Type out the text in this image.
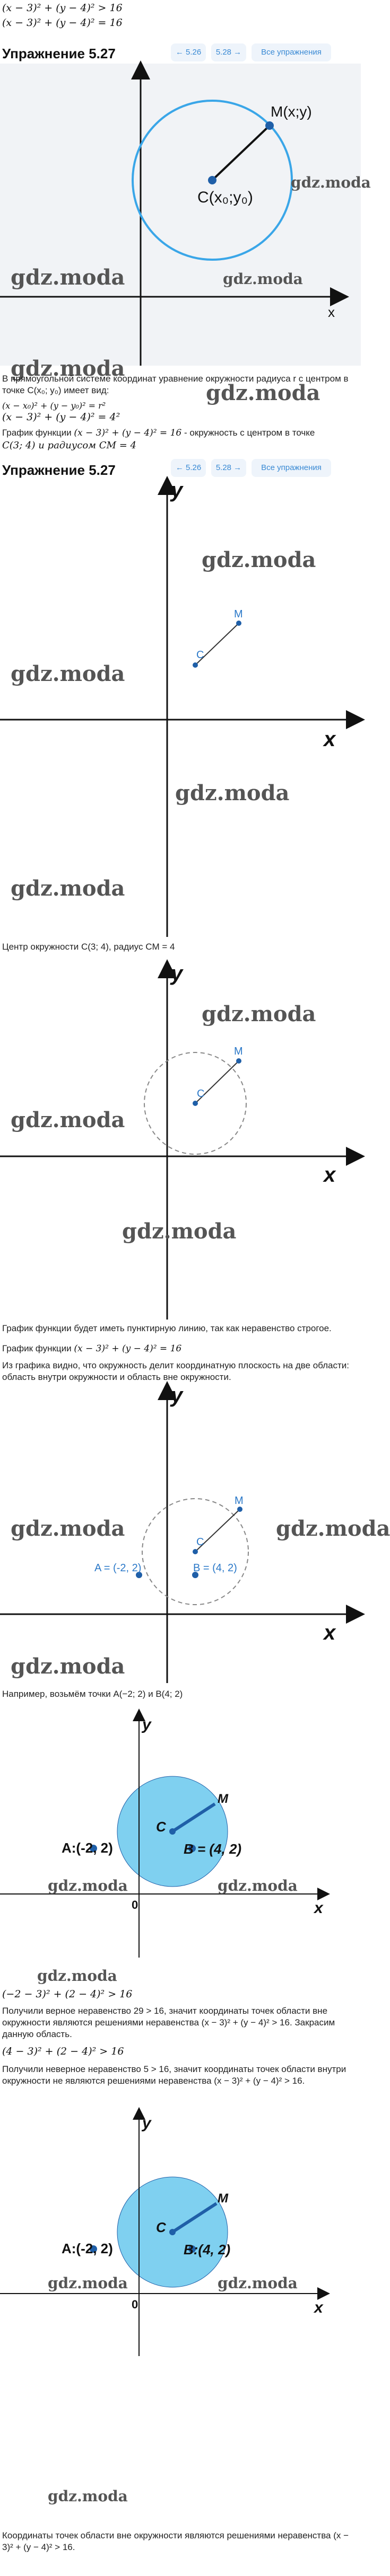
(x − 3)² + (y − 4)² > 16
(x − 3)² + (y − 4)² = 16
Упражнение 5.27	← 5.26	5.28 →	Все упражнения
M(x;y)
C(x₀;y₀)
x
gdz.moda
gdz.moda	gdz.moda
gdz.moda
В прямоугольной системе координат уравнение окружности радиуса r с центром в точке C(x₀; y₀) имеет вид:
(x − x₀)² + (y − y₀)² = r²
(x − 3)² + (y − 4)² = 4²
gdz.moda
График функции (x − 3)² + (y − 4)² = 16 - окружность с центром в точке
C(3; 4) и радиусом CM = 4
Упражнение 5.27	← 5.26	5.28 →	Все упражнения
M
C
y
x
gdz.moda
gdz.moda
gdz.moda
gdz.moda
Центр окружности C(3; 4), радиус CM = 4
M
C
y
x
gdz.moda
gdz.moda
gdz.moda
График функции будет иметь пунктирную линию, так как неравенство строгое.
График функции (x − 3)² + (y − 4)² = 16
Из графика видно, что окружность делит координатную плоскость на две области: область внутри окружности и область вне окружности.
M
C
A = (-2, 2)	B = (4, 2)
y
x
gdz.moda	gdz.moda
gdz.moda
Например, возьмём точки A(−2; 2) и B(4; 2)
M
C
0
A:(-2, 2)	B = (4, 2)
y
x
gdz.moda	gdz.moda
gdz.moda
(−2 − 3)² + (2 − 4)² > 16
Получили верное неравенство 29 > 16, значит координаты точек области вне окружности являются решениями неравенства (x − 3)² + (y − 4)² > 16. Закрасим данную область.
(4 − 3)² + (2 − 4)² > 16
Получили неверное неравенство 5 > 16, значит координаты точек области внутри окружности не являются решениями неравенства (x − 3)² + (y − 4)² > 16.
M
C
0
A:(-2, 2)	B:(4, 2)
y
x
gdz.moda	gdz.moda
gdz.moda
Координаты точек области вне окружности являются решениями неравенства (x − 3)² + (y − 4)² > 16.
